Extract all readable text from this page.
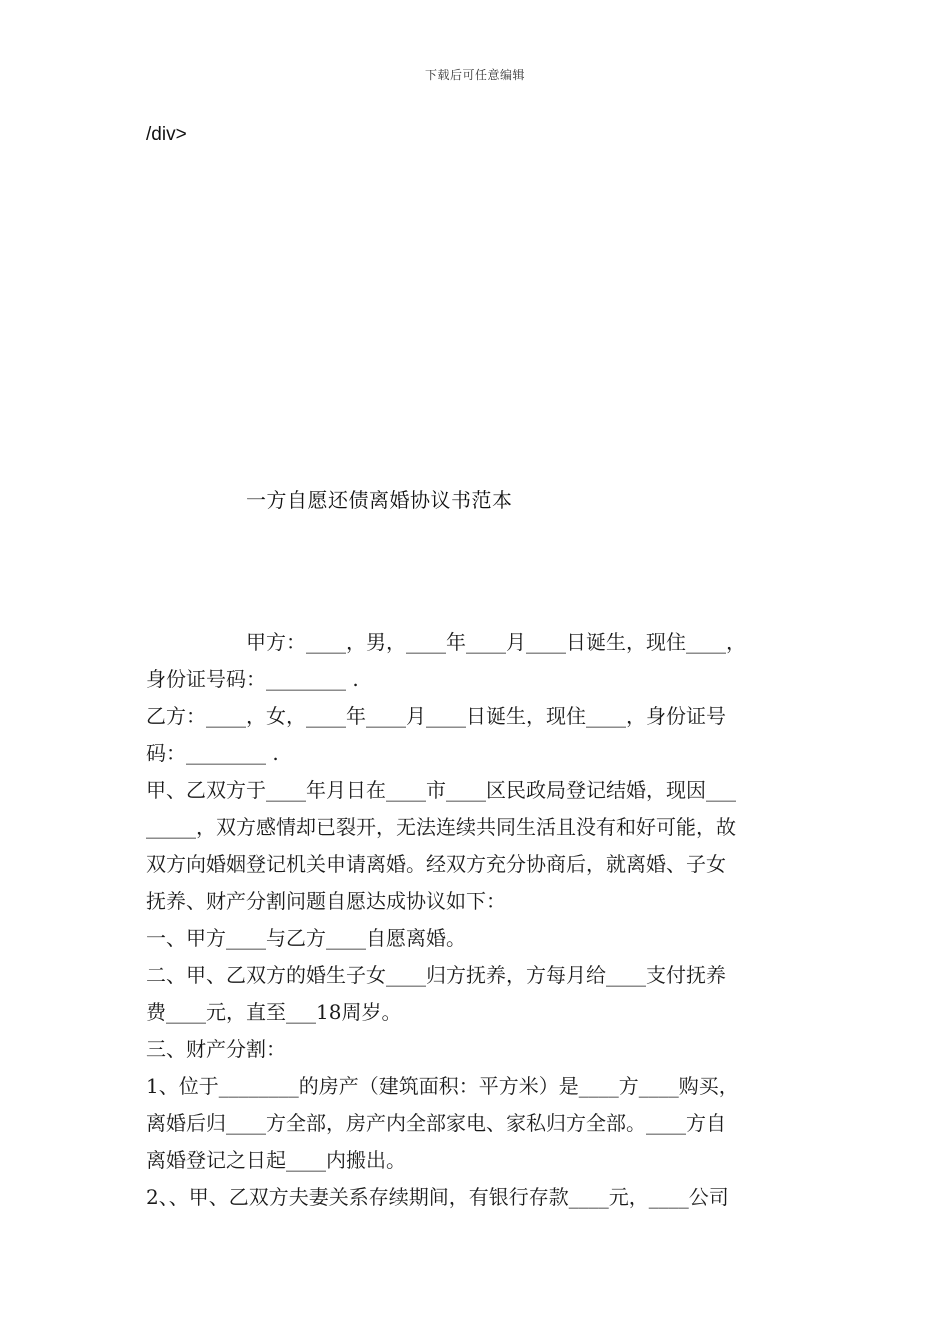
下载后可任意编辑
/div>
一方自愿还债离婚协议书范本
甲方：____，男，____年____月____日诞生，现住____，
身份证号码：________ .
乙方：____，女，____年____月____日诞生，现住____，身份证号
码：________ .
甲、乙双方于____年月日在____市____区民政局登记结婚，现因___
_____，双方感情却已裂开，无法连续共同生活且没有和好可能，故
双方向婚姻登记机关申请离婚。经双方充分协商后，就离婚、子女
抚养、财产分割问题自愿达成协议如下：
一、甲方____与乙方____自愿离婚。
二、甲、乙双方的婚生子女____归方抚养，方每月给____支付抚养
费____元，直至___18周岁。
三、财产分割：
1、位于________的房产（建筑面积：平方米）是____方____购买，
离婚后归____方全部，房产内全部家电、家私归方全部。____方自
离婚登记之日起____内搬出。
2、、甲、乙双方夫妻关系存续期间，有银行存款____元，____公司
